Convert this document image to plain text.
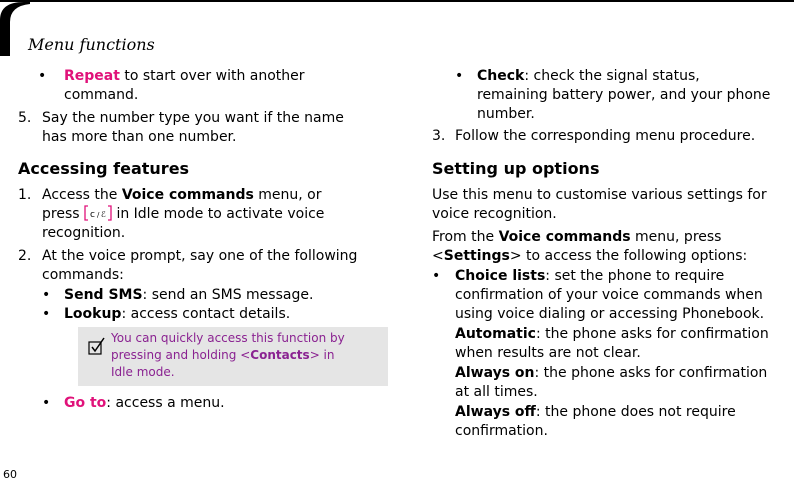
Menu functions
• Repeat to start over with another
command.
5. Say the number type you want if the name
has more than one number.
Accessing features
1. Access the Voice commands menu, or
press c / ℰ in Idle mode to activate voice
recognition.
2. At the voice prompt, say one of the following
commands:
• Send SMS: send an SMS message.
• Lookup: access contact details.
You can quickly access this function by
pressing and holding <Contacts> in
Idle mode.
• Go to: access a menu.
• Check: check the signal status,
remaining battery power, and your phone
number.
3. Follow the corresponding menu procedure.
Setting up options
Use this menu to customise various settings for
voice recognition.
From the Voice commands menu, press
<Settings> to access the following options:
• Choice lists: set the phone to require
confirmation of your voice commands when
using voice dialing or accessing Phonebook.
Automatic: the phone asks for confirmation
when results are not clear.
Always on: the phone asks for confirmation
at all times.
Always off: the phone does not require
confirmation.
60
